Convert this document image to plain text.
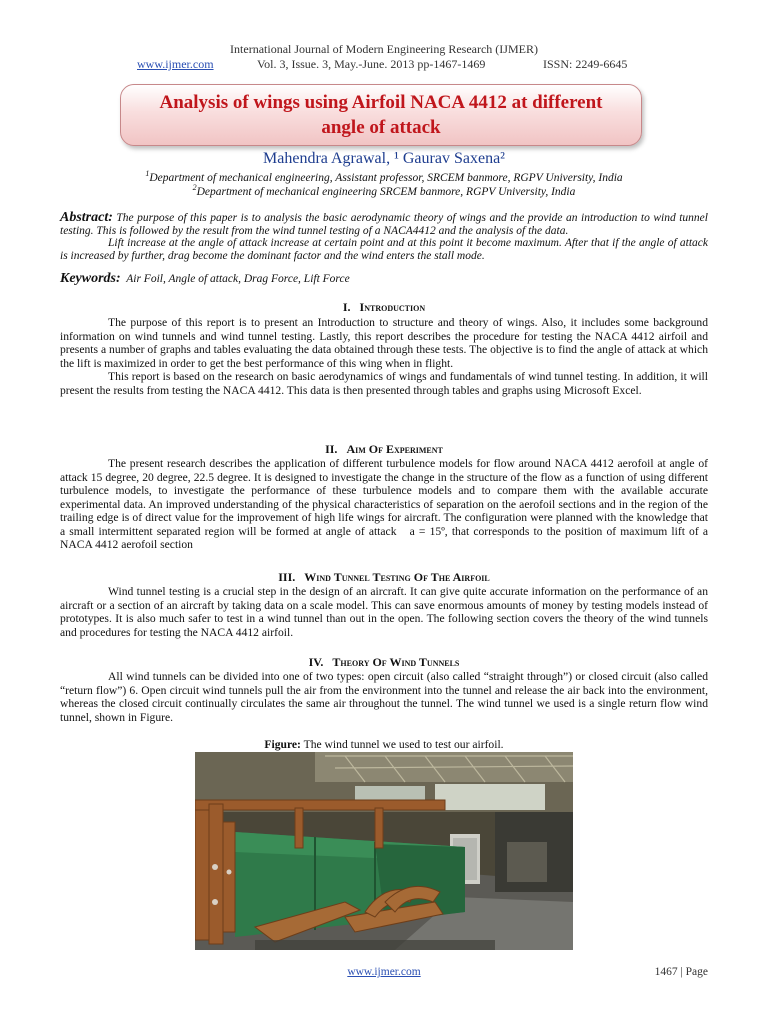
International Journal of Modern Engineering Research (IJMER)
www.ijmer.com	Vol. 3, Issue. 3, May.-June. 2013 pp-1467-1469	ISSN: 2249-6645
Analysis of wings using Airfoil NACA 4412 at different
angle of attack
Mahendra Agrawal, ¹ Gaurav Saxena²
$^1$Department of mechanical engineering, Assistant professor, SRCEM banmore, RGPV University, India
$^2$Department of mechanical engineering SRCEM banmore, RGPV University, India
Abstract: The purpose of this paper is to analysis the basic aerodynamic theory of wings and the provide an introduction to wind tunnel testing. This is followed by the result from the wind tunnel testing of a NACA4412 and the analysis of the data.
Lift increase at the angle of attack increase at certain point and at this point it become maximum. After that if the angle of attack is increased by further, drag become the dominant factor and the wind enters the stall mode.
Keywords: Air Foil, Angle of attack, Drag Force, Lift Force
I. Introduction

The purpose of this report is to present an Introduction to structure and theory of wings. Also, it includes some background information on wind tunnels and wind tunnel testing. Lastly, this report describes the procedure for testing the NACA 4412 airfoil and presents a number of graphs and tables evaluating the data obtained through these tests. The objective is to find the angle of attack at which the lift is maximized in order to get the best performance of this wing when in flight.

This report is based on the research on basic aerodynamics of wings and fundamentals of wind tunnel testing. In addition, it will present the results from testing the NACA 4412. This data is then presented through tables and graphs using Microsoft Excel.

II. Aim Of Experiment

The present research describes the application of different turbulence models for flow around NACA 4412 aerofoil at angle of attack 15 degree, 20 degree, 22.5 degree. It is designed to investigate the change in the structure of the flow as a function of using different turbulence models, to investigate the performance of these turbulence models and to compare them with the available accurate experimental data. An improved understanding of the physical characteristics of separation on the aerofoil sections and in the region of the trailing edge is of direct value for the improvement of high life wings for aircraft. The configuration were planned with the knowledge that a small intermittent separated region will be formed at angle of attack a = 15º, that corresponds to the position of maximum lift of a NACA 4412 aerofoil section

III. Wind Tunnel Testing Of The Airfoil

Wind tunnel testing is a crucial step in the design of an aircraft. It can give quite accurate information on the performance of an aircraft or a section of an aircraft by taking data on a scale model. This can save enormous amounts of money by testing models instead of prototypes. It is also much safer to test in a wind tunnel than out in the open. The following section covers the theory of the wind tunnels and procedures for testing the NACA 4412 airfoil.

IV. Theory Of Wind Tunnels

All wind tunnels can be divided into one of two types: open circuit (also called “straight through”) or closed circuit (also called “return flow”) 6. Open circuit wind tunnels pull the air from the environment into the tunnel and release the air back into the environment, whereas the closed circuit continually circulates the same air throughout the tunnel. The wind tunnel we used is a single return flow wind tunnel, shown in Figure.

Figure: The wind tunnel we used to test our airfoil.
www.ijmer.com	1467 | Page
